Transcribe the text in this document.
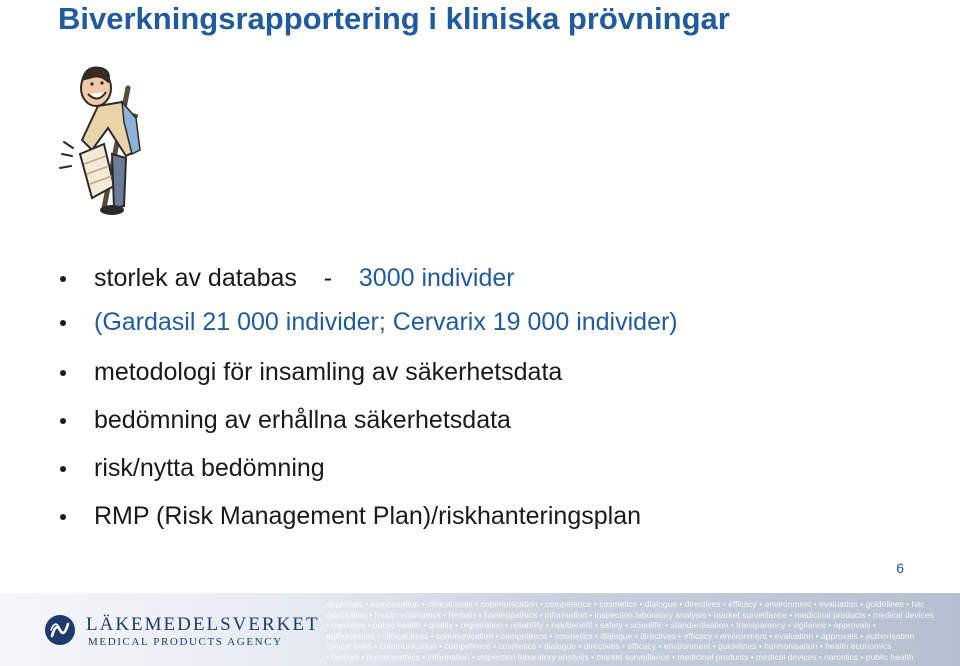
Biverkningsrapportering i kliniska prövningar
storlek av databas - 3000 individer
(Gardasil 21 000 individer; Cervarix 19 000 individer)
metodologi för insamling av säkerhetsdata
bedömning av erhållna säkerhetsdata
risk/nytta bedömning
RMP (Risk Management Plan)/riskhanteringsplan
6
LÄKEMEDELSVERKET
MEDICAL PRODUCTS AGENCY
approvals • authorisation • clinical trials • communication • competence • cosmetics • dialogue • directives • efficacy • environment • evaluation • guidelines • har
monisation • health economics • herbals • homeopathics • information • inspection laboratory analysis • market surveillance • medicinal products • medical devices
• narcotics • public health • quality • registration • reliability • risk/benefit • safety • scientific • standardisation • transparency • vigilance • approvals •
authorisation • clinical trials • communication • competence • cosmetics • dialogue • directives • efficacy • environment • evaluation • approvals • authorisation
clinical trials • communication • competence • cosmetics • dialogue • directives • efficacy • environment • guidelines • harmonisation • health economics
• herbals • homeopathics • information • inspection laboratory analysis • market surveillance • medicinal products • medical devices • narcotics • public health
